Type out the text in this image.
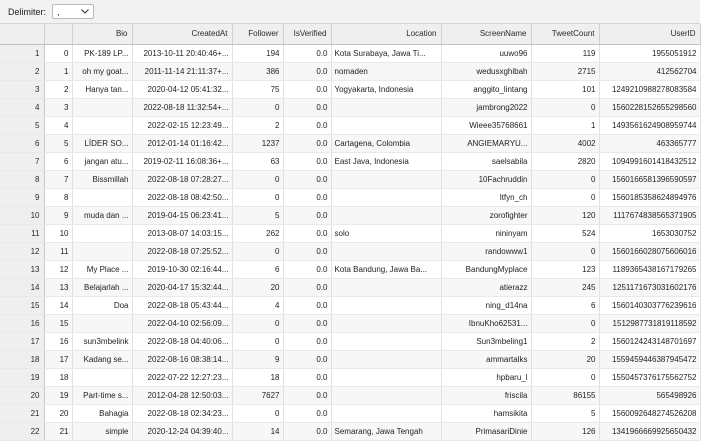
Delimiter: ,
		Bio	CreatedAt	Follower	IsVerified	Location	ScreenName	TweetCount	UserID
1	0	PK-189 LP...	2013-10-11 20:40:46+...	194	0.0	Kota Surabaya, Jawa Ti...	uuwo96	119	1955051912
2	1	oh my goat...	2011-11-14 21:11:37+...	386	0.0	nomaden	wedusxghibah	2715	412562704
3	2	Hanya tan...	2020-04-12 05:41:32...	75	0.0	Yogyakarta, Indonesia	anggito_lintang	101	1249210988278083584
4	3		2022-08-18 11:32:54+...	0	0.0		jambrong2022	0	1560228152655298560
5	4		2022-02-15 12:23:49...	2	0.0		Wieee35768661	1	1493561624908959744
6	5	LÍDER SO...	2012-01-14 01:16:42...	1237	0.0	Cartagena, Colombia	ANGIEMARYU...	4002	463365777
7	6	jangan atu...	2019-02-11 16:08:36+...	63	0.0	East Java, Indonesia	saelsabila	2820	1094991601418432512
8	7	Bissmillah	2022-08-18 07:28:27...	0	0.0		10Fachruddin	0	1560166581396590597
9	8		2022-08-18 08:42:50...	0	0.0		ltfyn_ch	0	1560185358624894976
10	9	muda dan ...	2019-04-15 06:23:41...	5	0.0		zorofighter	120	1117674838565371905
11	10		2013-08-07 14:03:15...	262	0.0	solo	nininyam	524	1653030752
12	11		2022-08-18 07:25:52...	0	0.0		randowww1	0	1560166028075606016
13	12	My Place ...	2019-10-30 02:16:44...	6	0.0	Kota Bandung, Jawa Ba...	BandungMyplace	123	1189365438167179265
14	13	Belajarlah ...	2020-04-17 15:32:44...	20	0.0		atierazz	245	1251171673031602176
15	14	Doa	2022-08-18 05:43:44...	4	0.0		ning_d14na	6	1560140303776239616
16	15		2022-04-10 02:56:09...	0	0.0		IbnuKho62531...	0	1512987731819118592
17	16	sun3mbelink	2022-08-18 04:40:06...	0	0.0		Sun3mbeling1	2	1560124243148701697
18	17	Kadang se...	2022-08-16 08:38:14...	9	0.0		ammartalks	20	1559459446387945472
19	18		2022-07-22 12:27:23...	18	0.0		hpbaru_l	0	1550457376175562752
20	19	Part-time s...	2012-04-28 12:50:03...	7627	0.0		friscila	86155	565498926
21	20	Bahagia	2022-08-18 02:34:23...	0	0.0		hamsikita	5	1560092648274526208
22	21	simple	2020-12-24 04:39:40...	14	0.0	Semarang, Jawa Tengah	PrimasariDinie	126	1341966669925650432
